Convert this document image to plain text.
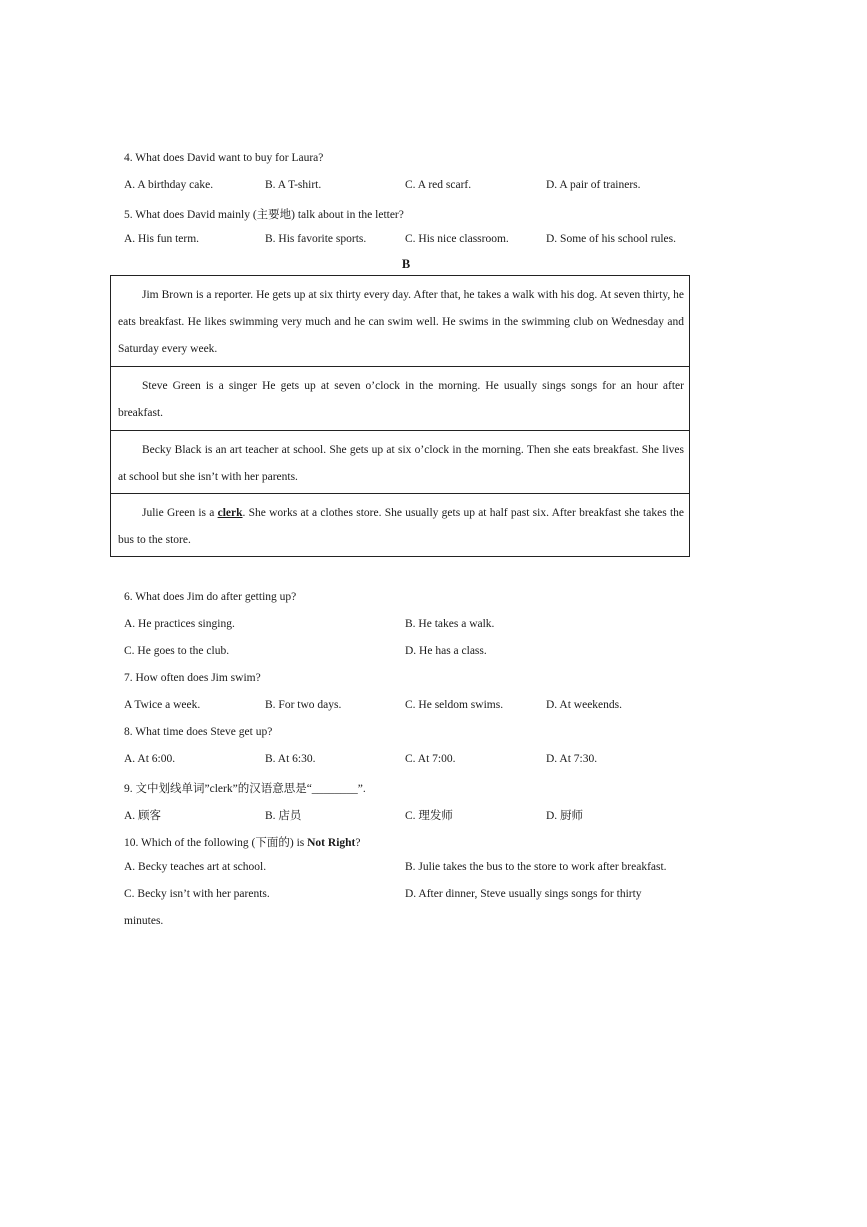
4. What does David want to buy for Laura?
A. A birthday cake.	B. A T-shirt.	C. A red scarf.	D. A pair of trainers.
5. What does David mainly (主要地) talk about in the letter?
A. His fun term.	B. His favorite sports.	C. His nice classroom.	D. Some of his school rules.
B
Jim Brown is a reporter. He gets up at six thirty every day. After that, he takes a walk with his dog. At seven thirty, he eats breakfast. He likes swimming very much and he can swim well. He swims in the swimming club on Wednesday and Saturday every week.
Steve Green is a singer He gets up at seven o’clock in the morning. He usually sings songs for an hour after breakfast.
Becky Black is an art teacher at school. She gets up at six o’clock in the morning. Then she eats breakfast. She lives at school but she isn’t with her parents.
Julie Green is a clerk. She works at a clothes store. She usually gets up at half past six. After breakfast she takes the bus to the store.
6. What does Jim do after getting up?
A. He practices singing.	B. He takes a walk.
C. He goes to the club.	D. He has a class.
7. How often does Jim swim?
A Twice a week.	B. For two days.	C. He seldom swims.	D. At weekends.
8. What time does Steve get up?
A. At 6:00.	B. At 6:30.	C. At 7:00.	D. At 7:30.
9. 文中划线单词”clerk”的汉语意思是“________”.
A. 顾客	B. 店员	C. 理发师	D. 厨师
10. Which of the following (下面的) is Not Right?
A. Becky teaches art at school.	B. Julie takes the bus to the store to work after breakfast.
C. Becky isn’t with her parents.	D. After dinner, Steve usually sings songs for thirty
minutes.
